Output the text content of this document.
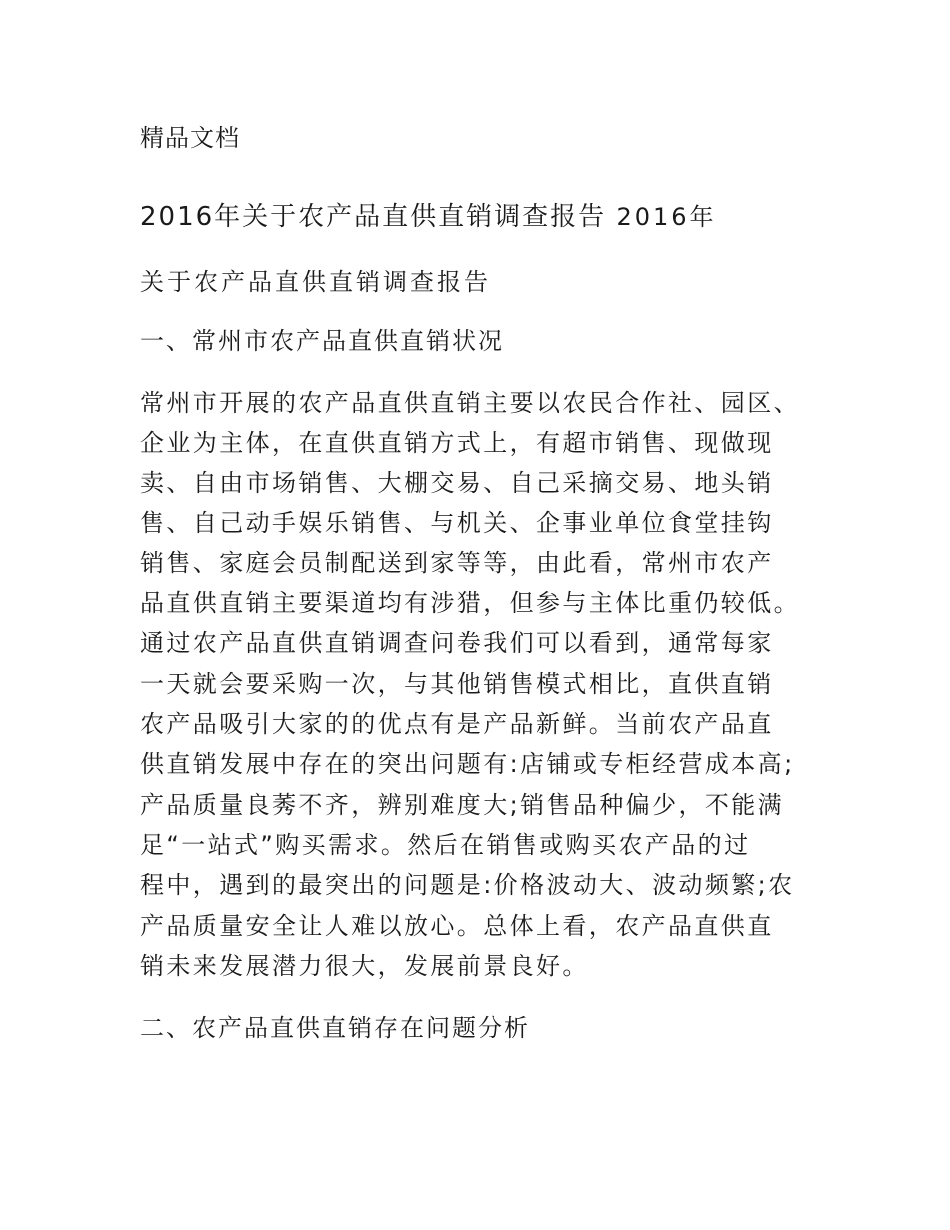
精品文档
2016年关于农产品直供直销调查报告 2016年
关于农产品直供直销调查报告
一、常州市农产品直供直销状况
常州市开展的农产品直供直销主要以农民合作社、园区、
企业为主体，在直供直销方式上，有超市销售、现做现
卖、自由市场销售、大棚交易、自己采摘交易、地头销
售、自己动手娱乐销售、与机关、企事业单位食堂挂钩
销售、家庭会员制配送到家等等，由此看，常州市农产
品直供直销主要渠道均有涉猎，但参与主体比重仍较低。
通过农产品直供直销调查问卷我们可以看到，通常每家
一天就会要采购一次，与其他销售模式相比，直供直销
农产品吸引大家的的优点有是产品新鲜。当前农产品直
供直销发展中存在的突出问题有:店铺或专柜经营成本高;
产品质量良莠不齐，辨别难度大;销售品种偏少，不能满
足“一站式”购买需求。然后在销售或购买农产品的过
程中，遇到的最突出的问题是:价格波动大、波动频繁;农
产品质量安全让人难以放心。总体上看，农产品直供直
销未来发展潜力很大，发展前景良好。
二、农产品直供直销存在问题分析
